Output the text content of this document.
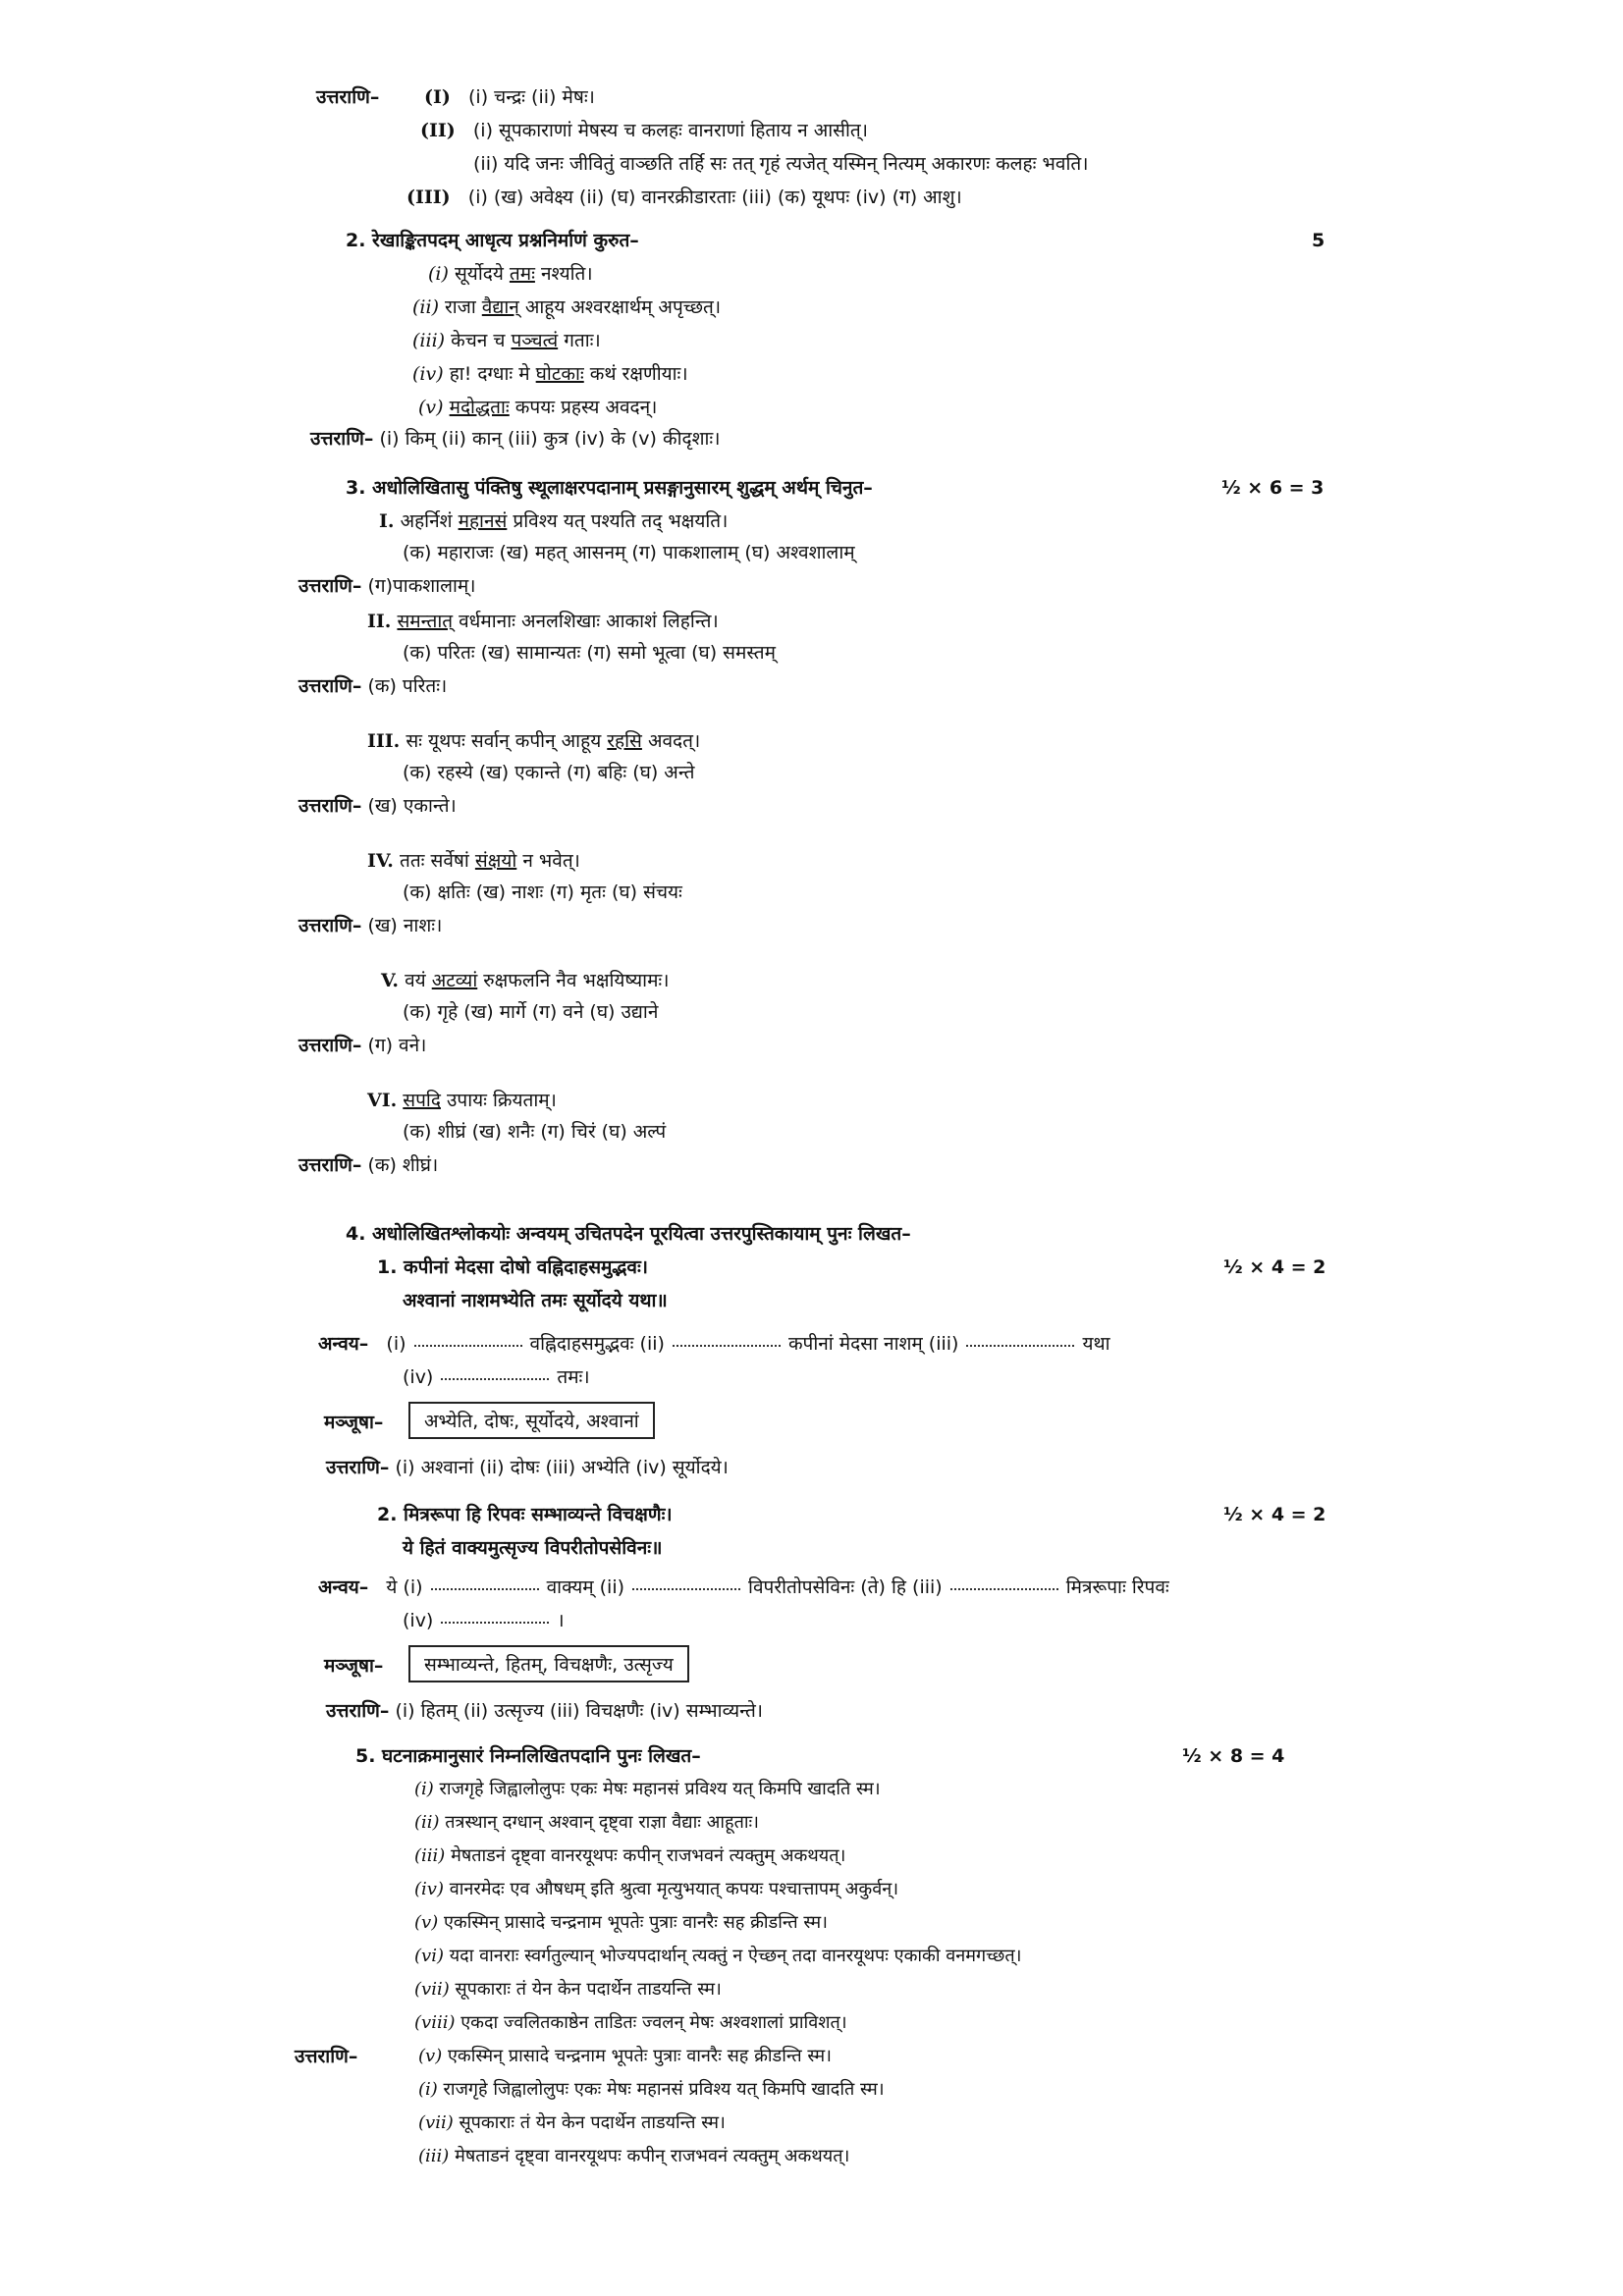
उत्तराणि– (I) (i) चन्द्रः (ii) मेषः।
(II) (i) सूपकाराणां मेषस्य च कलहः वानराणां हिताय न आसीत्।
(ii) यदि जनः जीवितुं वाञ्छति तर्हि सः तत् गृहं त्यजेत् यस्मिन् नित्यम् अकारणः कलहः भवति।
(III) (i) (ख) अवेक्ष्य (ii) (घ) वानरक्रीडारताः (iii) (क) यूथपः (iv) (ग) आशु।
2. रेखाङ्कितपदम् आधृत्य प्रश्ननिर्माणं कुरुत–	5
(i) सूर्योदये तमः नश्यति।
(ii) राजा वैद्यान् आहूय अश्वरक्षार्थम् अपृच्छत्।
(iii) केचन च पञ्चत्वं गताः।
(iv) हा! दग्धाः मे घोटकाः कथं रक्षणीयाः।
(v) मदोद्धताः कपयः प्रहस्य अवदन्।
उत्तराणि– (i) किम् (ii) कान् (iii) कुत्र (iv) के (v) कीदृशाः।
3. अधोलिखितासु पंक्तिषु स्थूलाक्षरपदानाम् प्रसङ्गानुसारम् शुद्धम् अर्थम् चिनुत–	½ × 6 = 3
I. अहर्निशं महानसं प्रविश्य यत् पश्यति तद् भक्षयति।
(क) महाराजः (ख) महत् आसनम् (ग) पाकशालाम् (घ) अश्वशालाम्
उत्तराणि– (ग)पाकशालाम्।
II. समन्तात् वर्धमानाः अनलशिखाः आकाशं लिहन्ति।
(क) परितः (ख) सामान्यतः (ग) समो भूत्वा (घ) समस्तम्
उत्तराणि– (क) परितः।
III. सः यूथपः सर्वान् कपीन् आहूय रहसि अवदत्।
(क) रहस्ये (ख) एकान्ते (ग) बहिः (घ) अन्ते
उत्तराणि– (ख) एकान्ते।
IV. ततः सर्वेषां संक्षयो न भवेत्।
(क) क्षतिः (ख) नाशः (ग) मृतः (घ) संचयः
उत्तराणि– (ख) नाशः।
V. वयं अटव्यां रुक्षफलनि नैव भक्षयिष्यामः।
(क) गृहे (ख) मार्गे (ग) वने (घ) उद्याने
उत्तराणि– (ग) वने।
VI. सपदि उपायः क्रियताम्।
(क) शीघ्रं (ख) शनैः (ग) चिरं (घ) अल्पं
उत्तराणि– (क) शीघ्रं।
4. अधोलिखितश्लोकयोः अन्वयम् उचितपदेन पूरयित्वा उत्तरपुस्तिकायाम् पुनः लिखत–
1. कपीनां मेदसा दोषो वह्निदाहसमुद्भवः।	½ × 4 = 2
अश्वानां नाशमभ्येति तमः सूर्योदये यथा॥
अन्वय– (i)	वह्निदाहसमुद्भवः (ii)	कपीनां मेदसा नाशम् (iii)	यथा
(iv)	तमः।
मञ्जूषा–	अभ्येति, दोषः, सूर्योदये, अश्वानां
उत्तराणि– (i) अश्वानां (ii) दोषः (iii) अभ्येति (iv) सूर्योदये।
2. मित्ररूपा हि रिपवः सम्भाव्यन्ते विचक्षणैः।	½ × 4 = 2
ये हितं वाक्यमुत्सृज्य विपरीतोपसेविनः॥
अन्वय– ये (i)	वाक्यम् (ii)	विपरीतोपसेविनः (ते) हि (iii)	मित्ररूपाः रिपवः
(iv)	।
मञ्जूषा–	सम्भाव्यन्ते, हितम्, विचक्षणैः, उत्सृज्य
उत्तराणि– (i) हितम् (ii) उत्सृज्य (iii) विचक्षणैः (iv) सम्भाव्यन्ते।
5. घटनाक्रमानुसारं निम्नलिखितपदानि पुनः लिखत–	½ × 8 = 4
(i) राजगृहे जिह्वालोलुपः एकः मेषः महानसं प्रविश्य यत् किमपि खादति स्म।
(ii) तत्रस्थान् दग्धान् अश्वान् दृष्ट्वा राज्ञा वैद्याः आहूताः।
(iii) मेषताडनं दृष्ट्वा वानरयूथपः कपीन् राजभवनं त्यक्तुम् अकथयत्।
(iv) वानरमेदः एव औषधम् इति श्रुत्वा मृत्युभयात् कपयः पश्चात्तापम् अकुर्वन्।
(v) एकस्मिन् प्रासादे चन्द्रनाम भूपतेः पुत्राः वानरैः सह क्रीडन्ति स्म।
(vi) यदा वानराः स्वर्गतुल्यान् भोज्यपदार्थान् त्यक्तुं न ऐच्छन् तदा वानरयूथपः एकाकी वनमगच्छत्।
(vii) सूपकाराः तं येन केन पदार्थेन ताडयन्ति स्म।
(viii) एकदा ज्वलितकाष्ठेन ताडितः ज्वलन् मेषः अश्वशालां प्राविशत्।
उत्तराणि–	(v) एकस्मिन् प्रासादे चन्द्रनाम भूपतेः पुत्राः वानरैः सह क्रीडन्ति स्म।
(i) राजगृहे जिह्वालोलुपः एकः मेषः महानसं प्रविश्य यत् किमपि खादति स्म।
(vii) सूपकाराः तं येन केन पदार्थेन ताडयन्ति स्म।
(iii) मेषताडनं दृष्ट्वा वानरयूथपः कपीन् राजभवनं त्यक्तुम् अकथयत्।
